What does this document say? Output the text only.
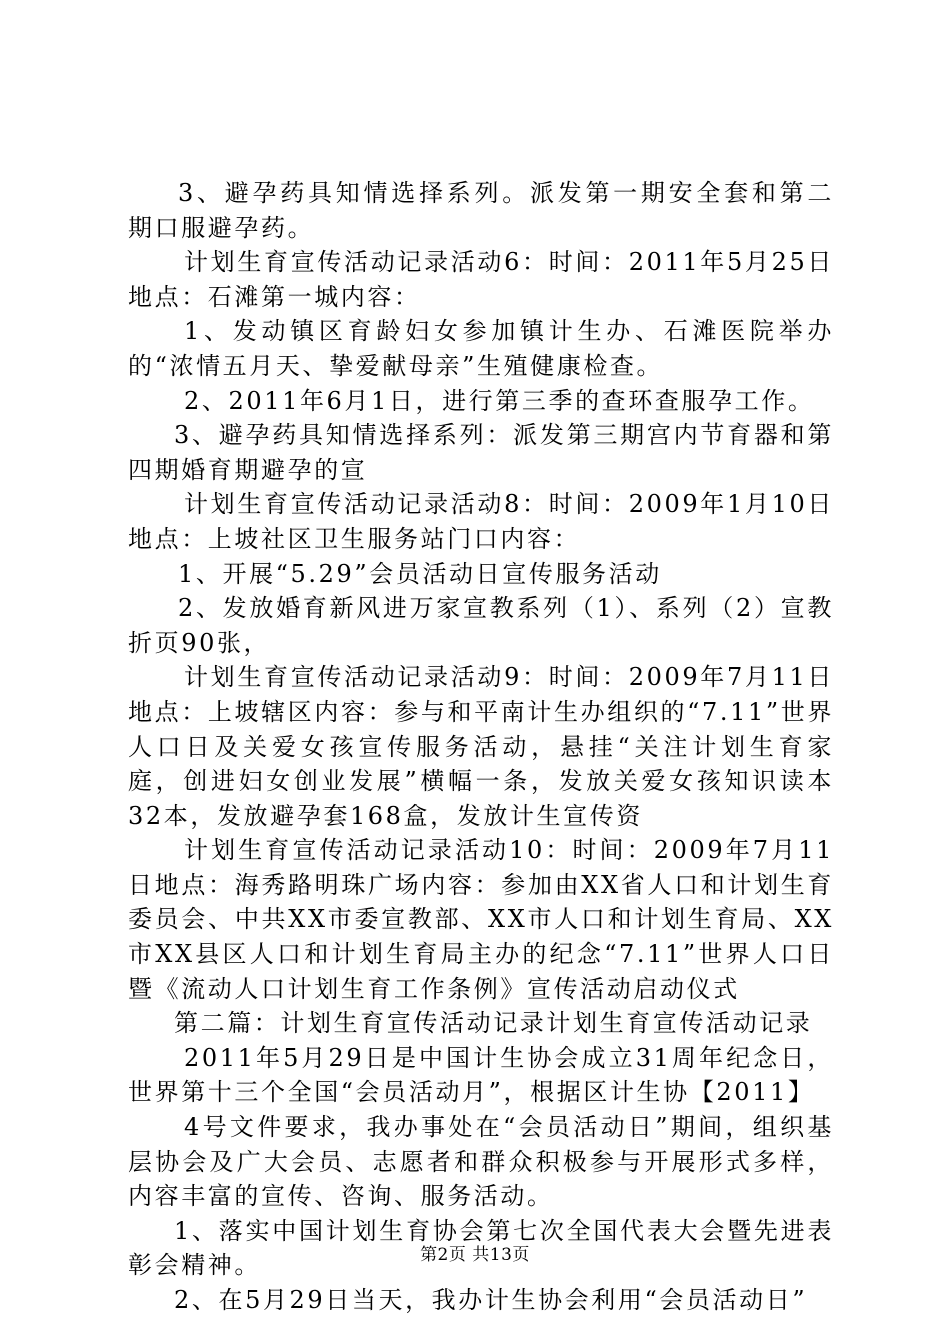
3、避孕药具知情选择系列。派发第一期安全套和第二期口服避孕药。

计划生育宣传活动记录活动6：时间：2011年5月25日地点：石滩第一城内容：

1、发动镇区育龄妇女参加镇计生办、石滩医院举办的“浓情五月天、挚爱献母亲”生殖健康检查。

2、2011年6月1日，进行第三季的查环查服孕工作。

3、避孕药具知情选择系列：派发第三期宫内节育器和第四期婚育期避孕的宣

计划生育宣传活动记录活动8：时间：2009年1月10日地点：上坡社区卫生服务站门口内容：

1、开展“5.29”会员活动日宣传服务活动

2、发放婚育新风进万家宣教系列（1）、系列（2）宣教折页90张，

计划生育宣传活动记录活动9：时间：2009年7月11日地点：上坡辖区内容：参与和平南计生办组织的“7.11”世界人口日及关爱女孩宣传服务活动，悬挂“关注计划生育家庭，创进妇女创业发展”横幅一条，发放关爱女孩知识读本32本，发放避孕套168盒，发放计生宣传资

计划生育宣传活动记录活动10：时间：2009年7月11日地点：海秀路明珠广场内容：参加由XX省人口和计划生育委员会、中共XX市委宣教部、XX市人口和计划生育局、XX市XX县区人口和计划生育局主办的纪念“7.11”世界人口日暨《流动人口计划生育工作条例》宣传活动启动仪式

第二篇：计划生育宣传活动记录计划生育宣传活动记录

2011年5月29日是中国计生协会成立31周年纪念日，世界第十三个全国“会员活动月”，根据区计生协【2011】

4号文件要求，我办事处在“会员活动日”期间，组织基层协会及广大会员、志愿者和群众积极参与开展形式多样，内容丰富的宣传、咨询、服务活动。

1、落实中国计划生育协会第七次全国代表大会暨先进表彰会精神。

2、在5月29日当天，我办计生协会利用“会员活动日”

第2页 共13页
